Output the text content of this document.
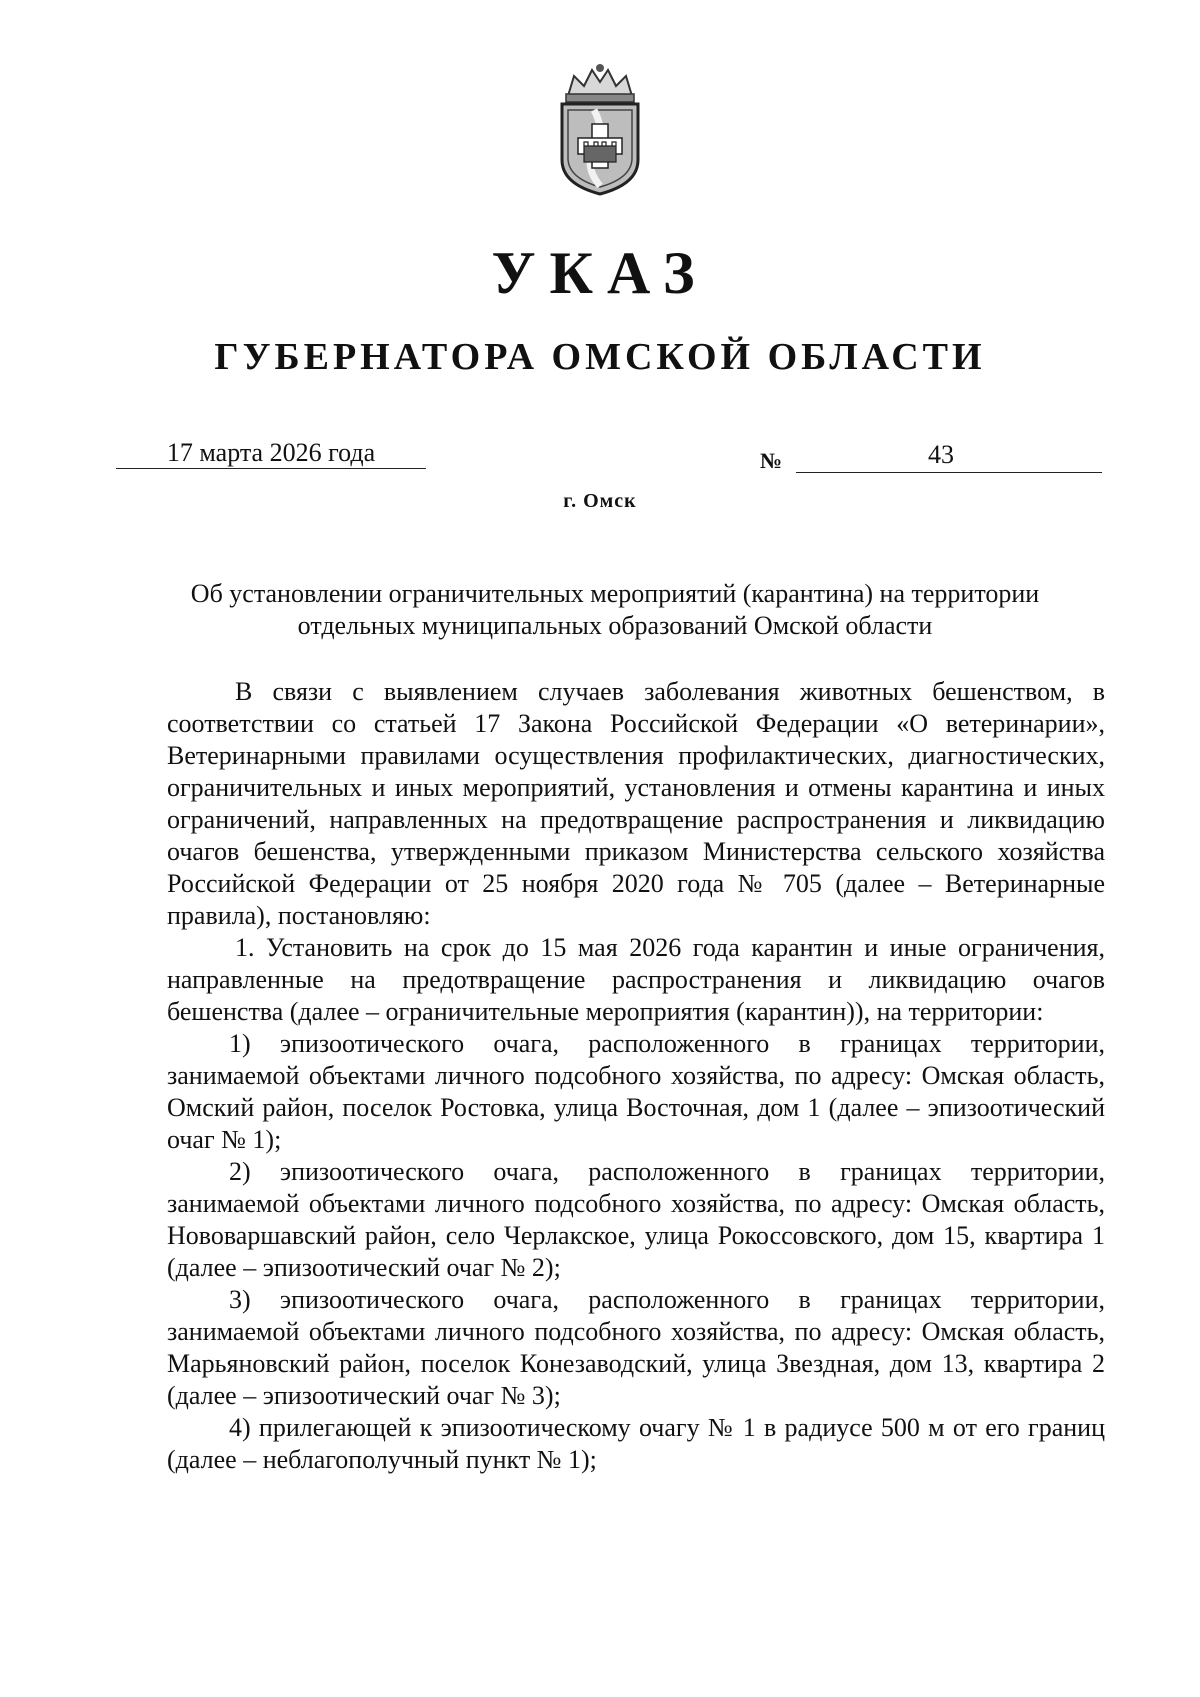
УКАЗ
ГУБЕРНАТОРА ОМСКОЙ ОБЛАСТИ
17 марта 2026 года	№	43
г. Омск
Об установлении ограничительных мероприятий (карантина) на территории отдельных муниципальных образований Омской области

В связи с выявлением случаев заболевания животных бешенством, в соответствии со статьей 17 Закона Российской Федерации «О ветеринарии», Ветеринарными правилами осуществления профилактических, диагностических, ограничительных и иных мероприятий, установления и отмены карантина и иных ограничений, направленных на предотвращение распространения и ликвидацию очагов бешенства, утвержденными приказом Министерства сельского хозяйства Российской Федерации от 25 ноября 2020 года № 705 (далее – Ветеринарные правила), постановляю:

1. Установить на срок до 15 мая 2026 года карантин и иные ограничения, направленные на предотвращение распространения и ликвидацию очагов бешенства (далее – ограничительные мероприятия (карантин)), на территории:

1) эпизоотического очага, расположенного в границах территории, занимаемой объектами личного подсобного хозяйства, по адресу: Омская область, Омский район, поселок Ростовка, улица Восточная, дом 1 (далее – эпизоотический очаг № 1);

2) эпизоотического очага, расположенного в границах территории, занимаемой объектами личного подсобного хозяйства, по адресу: Омская область, Нововаршавский район, село Черлакское, улица Рокоссовского, дом 15, квартира 1 (далее – эпизоотический очаг № 2);

3) эпизоотического очага, расположенного в границах территории, занимаемой объектами личного подсобного хозяйства, по адресу: Омская область, Марьяновский район, поселок Конезаводский, улица Звездная, дом 13, квартира 2 (далее – эпизоотический очаг № 3);

4) прилегающей к эпизоотическому очагу № 1 в радиусе 500 м от его границ (далее – неблагополучный пункт № 1);
